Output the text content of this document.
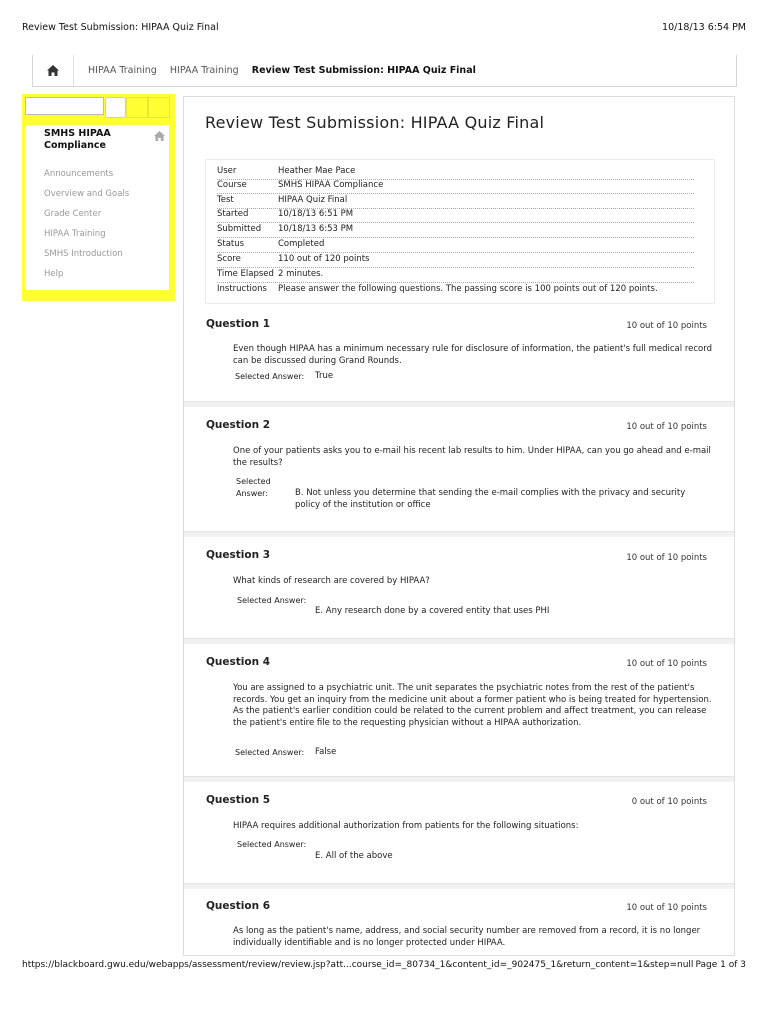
Review Test Submission: HIPAA Quiz Final	10/18/13 6:54 PM
HIPAA Training HIPAA Training Review Test Submission: HIPAA Quiz Final
SMHS HIPAA Compliance
Announcements
Overview and Goals
Grade Center
HIPAA Training
SMHS Introduction
Help
Review Test Submission: HIPAA Quiz Final
User	Heather Mae Pace
Course	SMHS HIPAA Compliance
Test	HIPAA Quiz Final
Started	10/18/13 6:51 PM
Submitted 10/18/13 6:53 PM
Status	Completed
Score	110 out of 120 points
Time Elapsed 2 minutes.
Instructions Please answer the following questions. The passing score is 100 points out of 120 points.
Question 1	10 out of 10 points
Even though HIPAA has a minimum necessary rule for disclosure of information, the patient's full medical record can be discussed during Grand Rounds.
Selected Answer: True
Question 2	10 out of 10 points
One of your patients asks you to e-mail his recent lab results to him. Under HIPAA, can you go ahead and e-mail the results?
Selected Answer:	B. Not unless you determine that sending the e-mail complies with the privacy and security policy of the institution or office
Question 3	10 out of 10 points
What kinds of research are covered by HIPAA?
Selected Answer:
E. Any research done by a covered entity that uses PHI
Question 4	10 out of 10 points
You are assigned to a psychiatric unit. The unit separates the psychiatric notes from the rest of the patient's records. You get an inquiry from the medicine unit about a former patient who is being treated for hypertension. As the patient's earlier condition could be related to the current problem and affect treatment, you can release the patient's entire file to the requesting physician without a HIPAA authorization.
Selected Answer: False
Question 5	0 out of 10 points
HIPAA requires additional authorization from patients for the following situations:
Selected Answer:
E. All of the above
Question 6	10 out of 10 points
As long as the patient's name, address, and social security number are removed from a record, it is no longer individually identifiable and is no longer protected under HIPAA.
https://blackboard.gwu.edu/webapps/assessment/review/review.jsp?att...course_id=_80734_1&content_id=_902475_1&return_content=1&step=null Page 1 of 3
